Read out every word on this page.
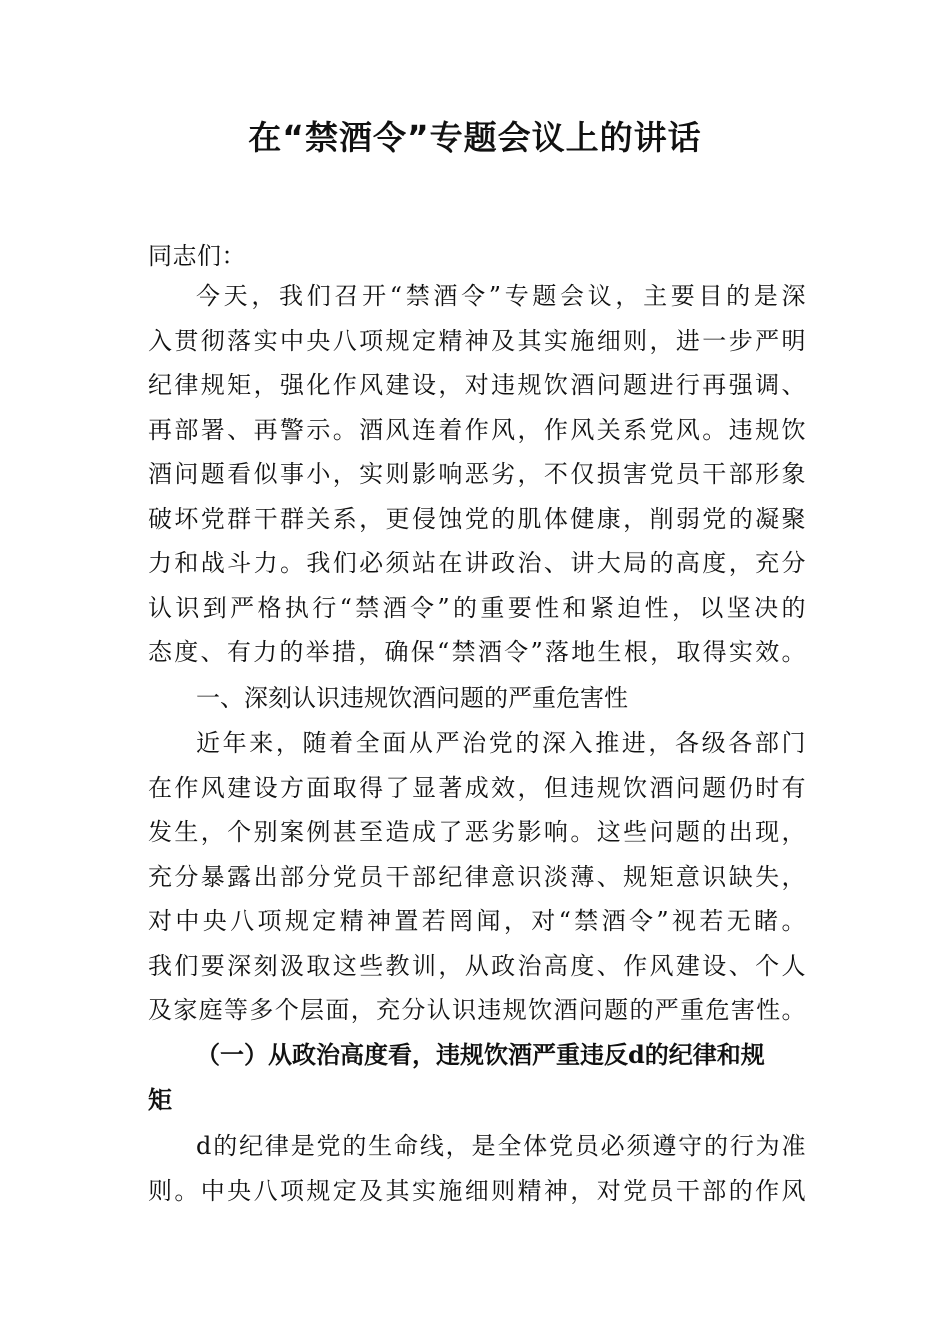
在“禁酒令”专题会议上的讲话

同志们：

今天，我们召开“禁酒令”专题会议，主要目的是深
入贯彻落实中央八项规定精神及其实施细则，进一步严明
纪律规矩，强化作风建设，对违规饮酒问题进行再强调、
再部署、再警示。酒风连着作风，作风关系党风。违规饮
酒问题看似事小，实则影响恶劣，不仅损害党员干部形象
破坏党群干群关系，更侵蚀党的肌体健康，削弱党的凝聚
力和战斗力。我们必须站在讲政治、讲大局的高度，充分
认识到严格执行“禁酒令”的重要性和紧迫性，以坚决的
态度、有力的举措，确保“禁酒令”落地生根，取得实效。
一、深刻认识违规饮酒问题的严重危害性
近年来，随着全面从严治党的深入推进，各级各部门
在作风建设方面取得了显著成效，但违规饮酒问题仍时有
发生，个别案例甚至造成了恶劣影响。这些问题的出现，
充分暴露出部分党员干部纪律意识淡薄、规矩意识缺失，
对中央八项规定精神置若罔闻，对“禁酒令”视若无睹。
我们要深刻汲取这些教训，从政治高度、作风建设、个人
及家庭等多个层面，充分认识违规饮酒问题的严重危害性。
（一）从政治高度看，违规饮酒严重违反d的纪律和规
矩
d的纪律是党的生命线，是全体党员必须遵守的行为准
则。中央八项规定及其实施细则精神，对党员干部的作风
